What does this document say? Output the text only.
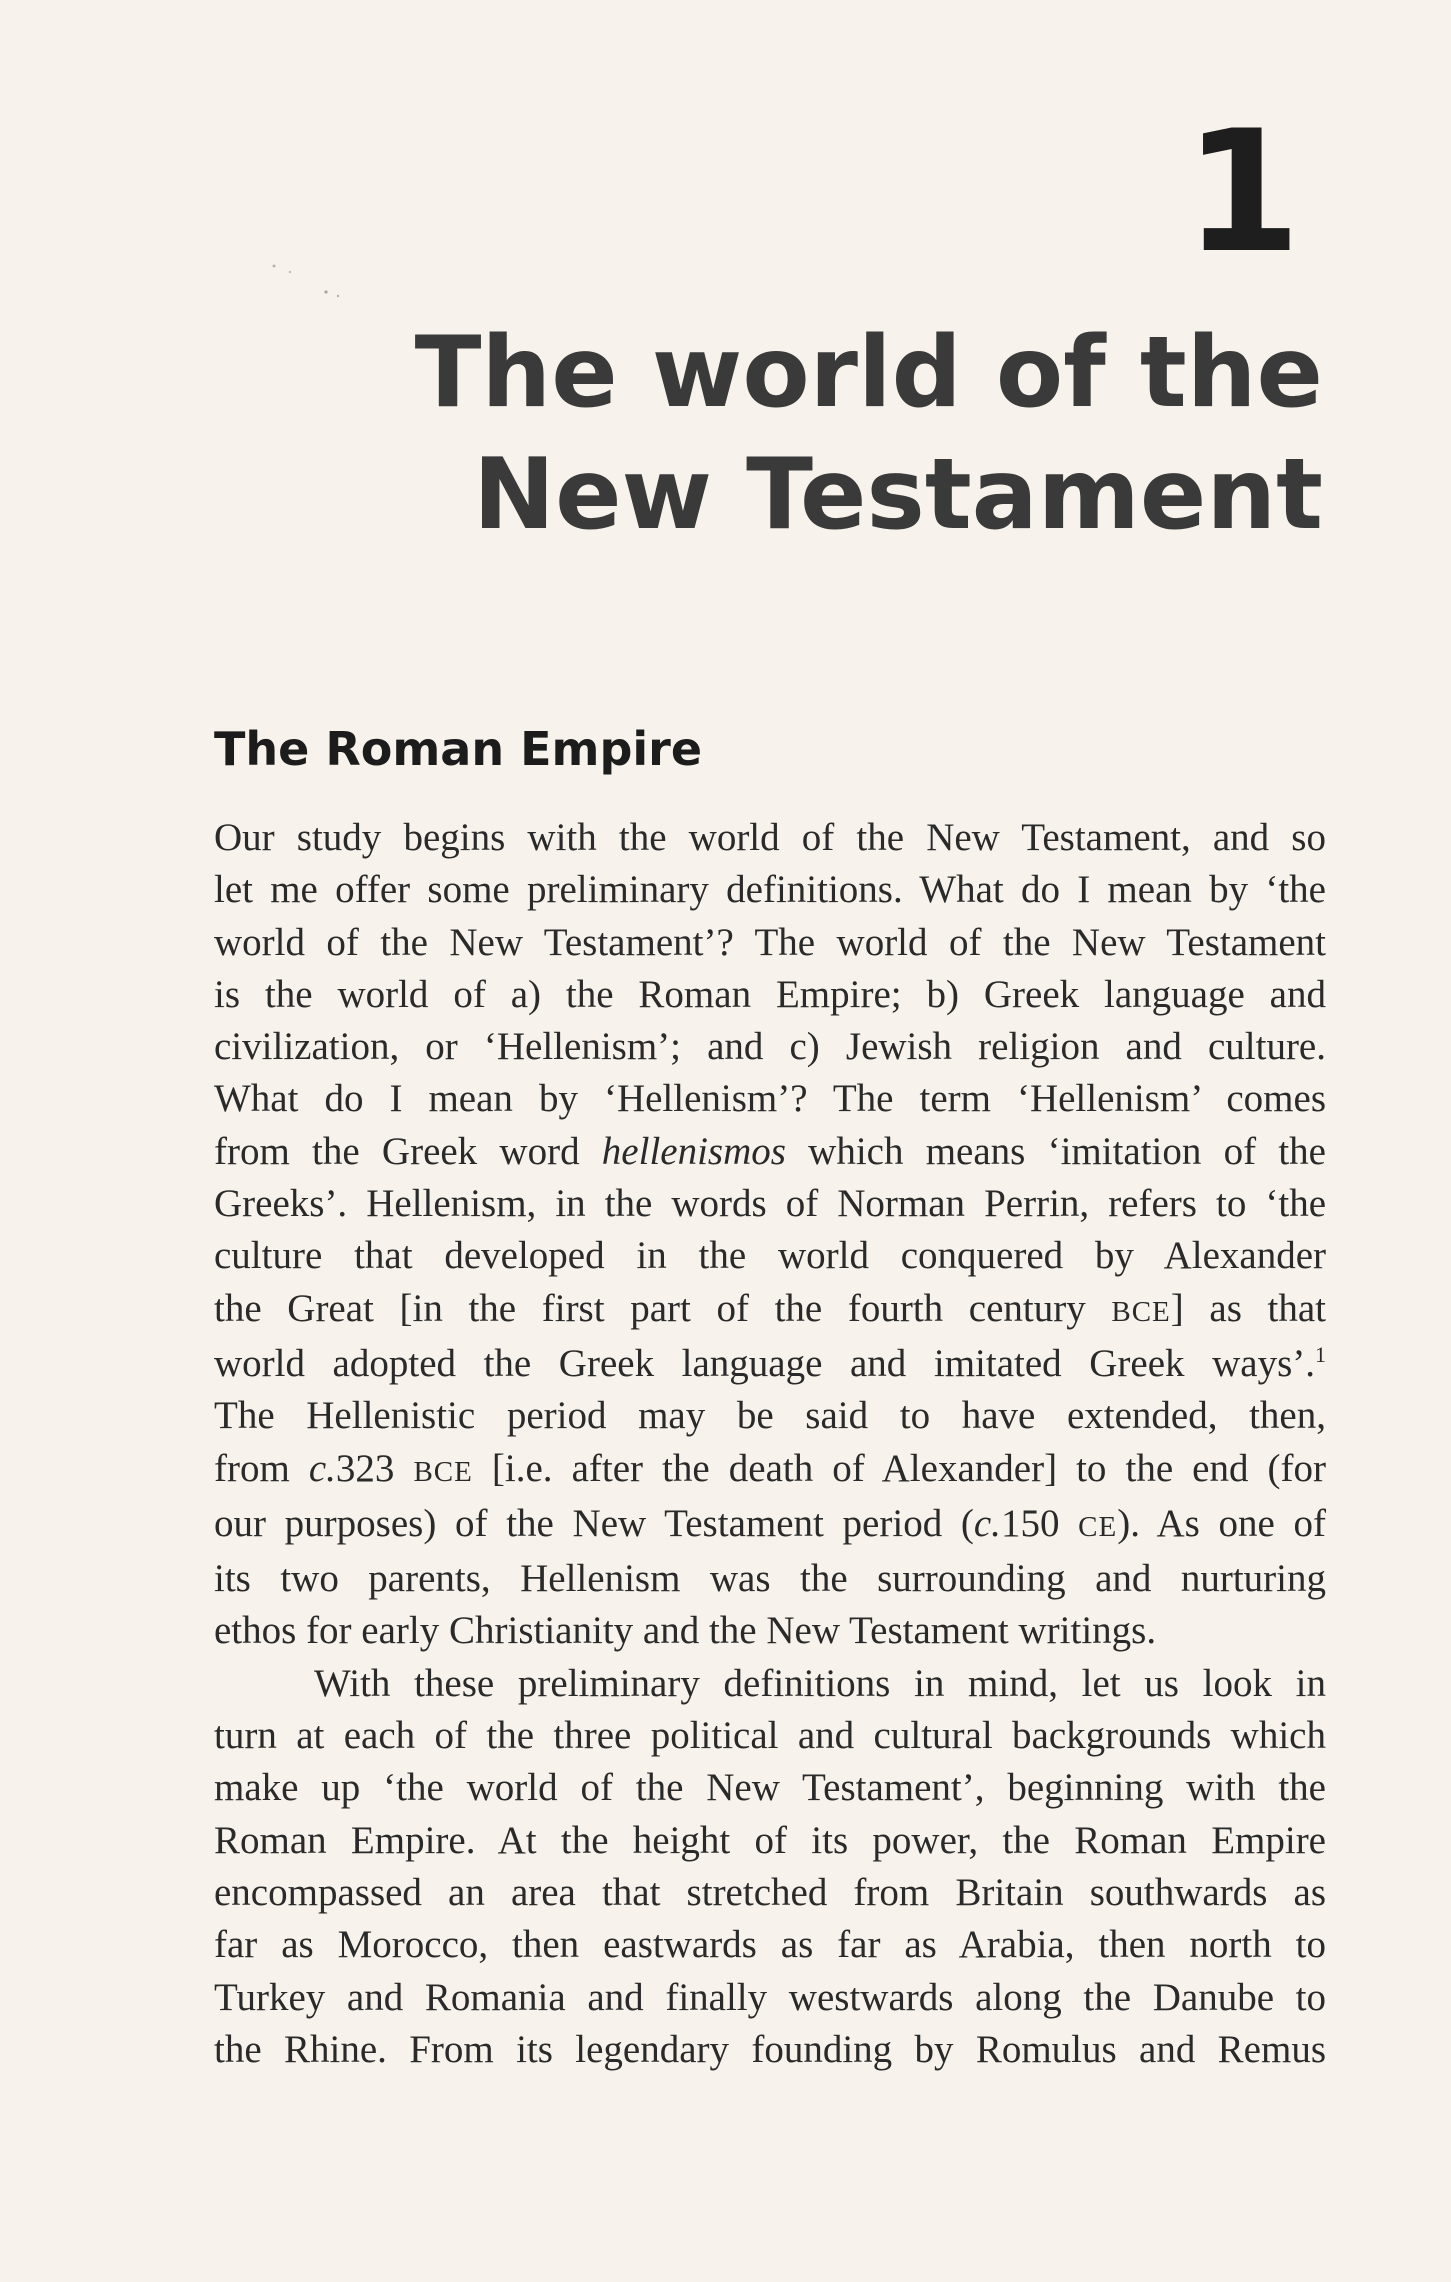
1
The world of the
New Testament
The Roman Empire
Our study begins with the world of the New Testament, and so
let me offer some preliminary definitions. What do I mean by ‘the
world of the New Testament’? The world of the New Testament
is the world of a) the Roman Empire; b) Greek language and
civilization, or ‘Hellenism’; and c) Jewish religion and culture.
What do I mean by ‘Hellenism’? The term ‘Hellenism’ comes
from the Greek word hellenismos which means ‘imitation of the
Greeks’. Hellenism, in the words of Norman Perrin, refers to ‘the
culture that developed in the world conquered by Alexander
the Great [in the first part of the fourth century BCE] as that
world adopted the Greek language and imitated Greek ways’.$^1$
The Hellenistic period may be said to have extended, then,
from c.323 BCE [i.e. after the death of Alexander] to the end (for
our purposes) of the New Testament period (c.150 CE). As one of
its two parents, Hellenism was the surrounding and nurturing
ethos for early Christianity and the New Testament writings.
With these preliminary definitions in mind, let us look in
turn at each of the three political and cultural backgrounds which
make up ‘the world of the New Testament’, beginning with the
Roman Empire. At the height of its power, the Roman Empire
encompassed an area that stretched from Britain southwards as
far as Morocco, then eastwards as far as Arabia, then north to
Turkey and Romania and finally westwards along the Danube to
the Rhine. From its legendary founding by Romulus and Remus
